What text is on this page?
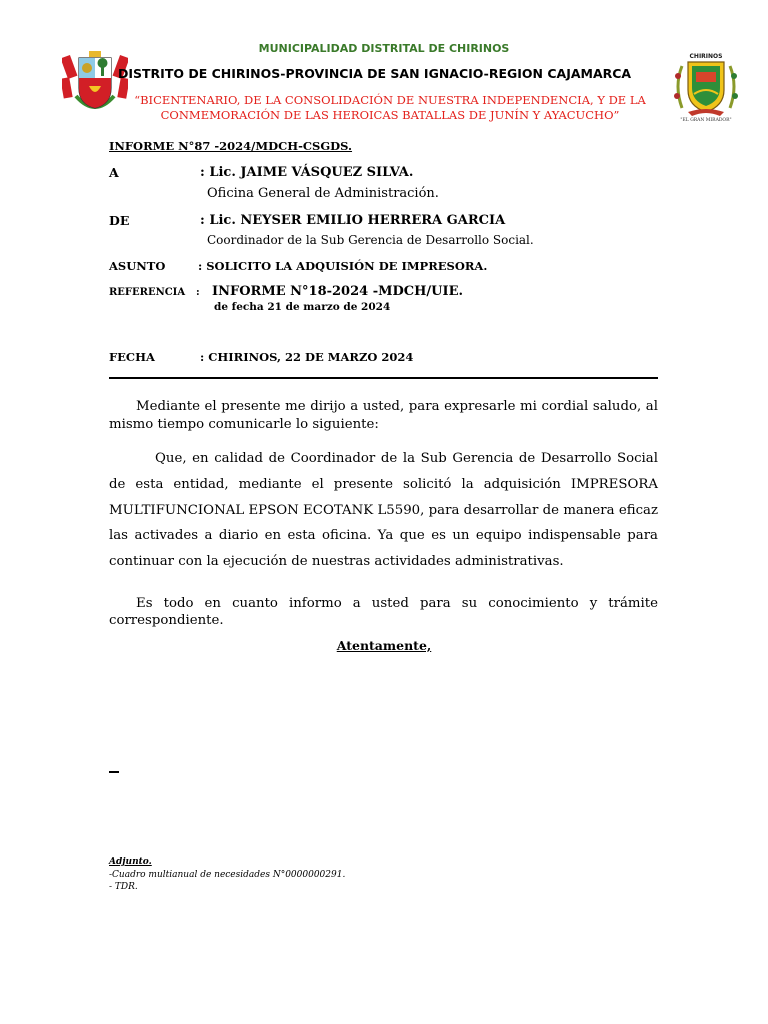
MUNICIPALIDAD DISTRITAL DE CHIRINOS
DISTRITO DE CHIRINOS-PROVINCIA DE SAN IGNACIO-REGION CAJAMARCA
“BICENTENARIO, DE LA CONSOLIDACIÓN DE NUESTRA INDEPENDENCIA, Y DE LA
CONMEMORACIÓN DE LAS HEROICAS BATALLAS DE JUNÍN Y AYACUCHO”
CHIRINOS
"EL GRAN MIRADOR"
INFORME N°87 -2024/MDCH-CSGDS.
A	: Lic. JAIME VÁSQUEZ SILVA.
Oficina General de Administración.
DE	: Lic. NEYSER EMILIO HERRERA GARCIA
Coordinador de la Sub Gerencia de Desarrollo Social.
ASUNTO	: SOLICITO LA ADQUISIÓN DE IMPRESORA.
REFERENCIA : INFORME N°18-2024 -MDCH/UIE.
de fecha 21 de marzo de 2024
FECHA	: CHIRINOS, 22 DE MARZO 2024

Mediante el presente me dirijo a usted, para expresarle mi cordial saludo, al mismo tiempo comunicarle lo siguiente:

Que, en calidad de Coordinador de la Sub Gerencia de Desarrollo Social de esta entidad, mediante el presente solicitó la adquisición IMPRESORA MULTIFUNCIONAL EPSON ECOTANK L5590, para desarrollar de manera eficaz las activades a diario en esta oficina. Ya que es un equipo indispensable para continuar con la ejecución de nuestras actividades administrativas.

Es todo en cuanto informo a usted para su conocimiento y trámite correspondiente.

Atentamente,
Adjunto.
-Cuadro multianual de necesidades N°0000000291.
- TDR.
